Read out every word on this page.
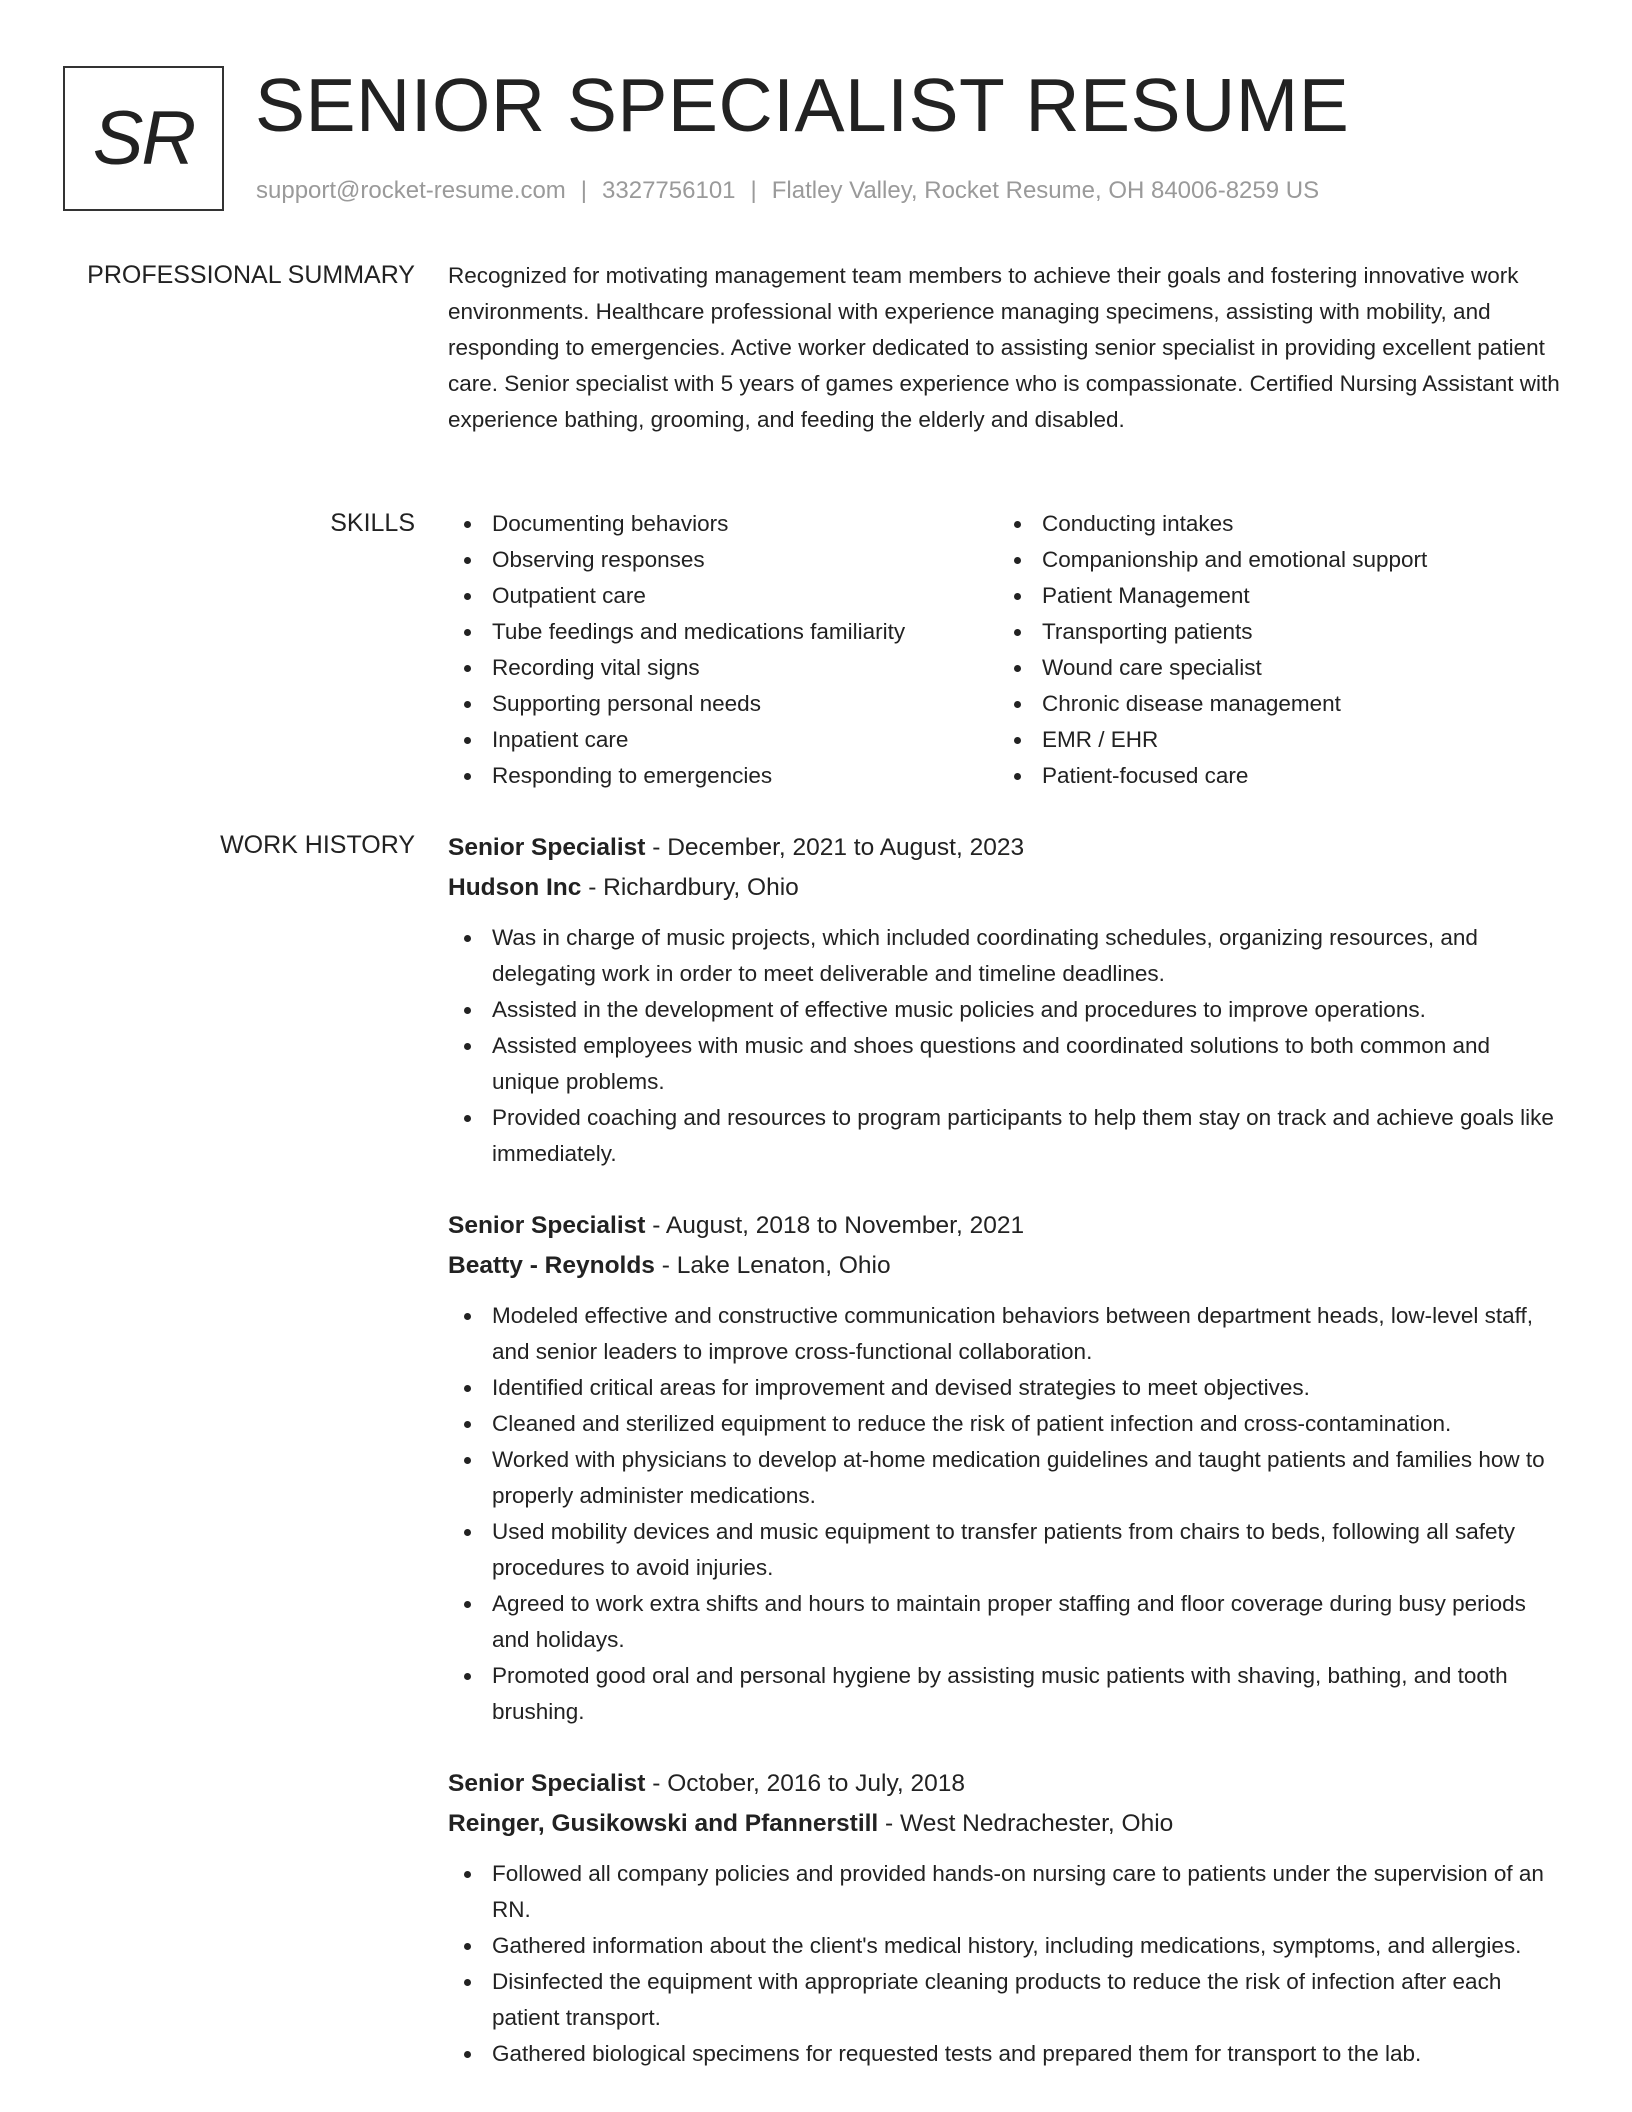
SR SENIOR SPECIALIST RESUME
support@rocket-resume.com | 3327756101 | Flatley Valley, Rocket Resume, OH 84006-8259 US
PROFESSIONAL SUMMARY Recognized for motivating management team members to achieve their goals and fostering innovative work environments. Healthcare professional with experience managing specimens, assisting with mobility, and responding to emergencies. Active worker dedicated to assisting senior specialist in providing excellent patient care. Senior specialist with 5 years of games experience who is compassionate. Certified Nursing Assistant with experience bathing, grooming, and feeding the elderly and disabled.

SKILLS	Documenting behaviors
Observing responses
Outpatient care
Tube feedings and medications familiarity
Recording vital signs
Supporting personal needs
Inpatient care
Responding to emergencies
Conducting intakes
Companionship and emotional support
Patient Management
Transporting patients
Wound care specialist
Chronic disease management
EMR / EHR
Patient-focused care
WORK HISTORY Senior Specialist - December, 2021 to August, 2023
Hudson Inc - Richardbury, Ohio
Was in charge of music projects, which included coordinating schedules, organizing resources, and delegating work in order to meet deliverable and timeline deadlines.
Assisted in the development of effective music policies and procedures to improve operations.
Assisted employees with music and shoes questions and coordinated solutions to both common and unique problems.
Provided coaching and resources to program participants to help them stay on track and achieve goals like immediately.
Senior Specialist - August, 2018 to November, 2021
Beatty - Reynolds - Lake Lenaton, Ohio
Modeled effective and constructive communication behaviors between department heads, low-level staff, and senior leaders to improve cross-functional collaboration.
Identified critical areas for improvement and devised strategies to meet objectives.
Cleaned and sterilized equipment to reduce the risk of patient infection and cross-contamination.
Worked with physicians to develop at-home medication guidelines and taught patients and families how to properly administer medications.
Used mobility devices and music equipment to transfer patients from chairs to beds, following all safety procedures to avoid injuries.
Agreed to work extra shifts and hours to maintain proper staffing and floor coverage during busy periods and holidays.
Promoted good oral and personal hygiene by assisting music patients with shaving, bathing, and tooth brushing.
Senior Specialist - October, 2016 to July, 2018
Reinger, Gusikowski and Pfannerstill - West Nedrachester, Ohio
Followed all company policies and provided hands-on nursing care to patients under the supervision of an RN.
Gathered information about the client's medical history, including medications, symptoms, and allergies.
Disinfected the equipment with appropriate cleaning products to reduce the risk of infection after each patient transport.
Gathered biological specimens for requested tests and prepared them for transport to the lab.
